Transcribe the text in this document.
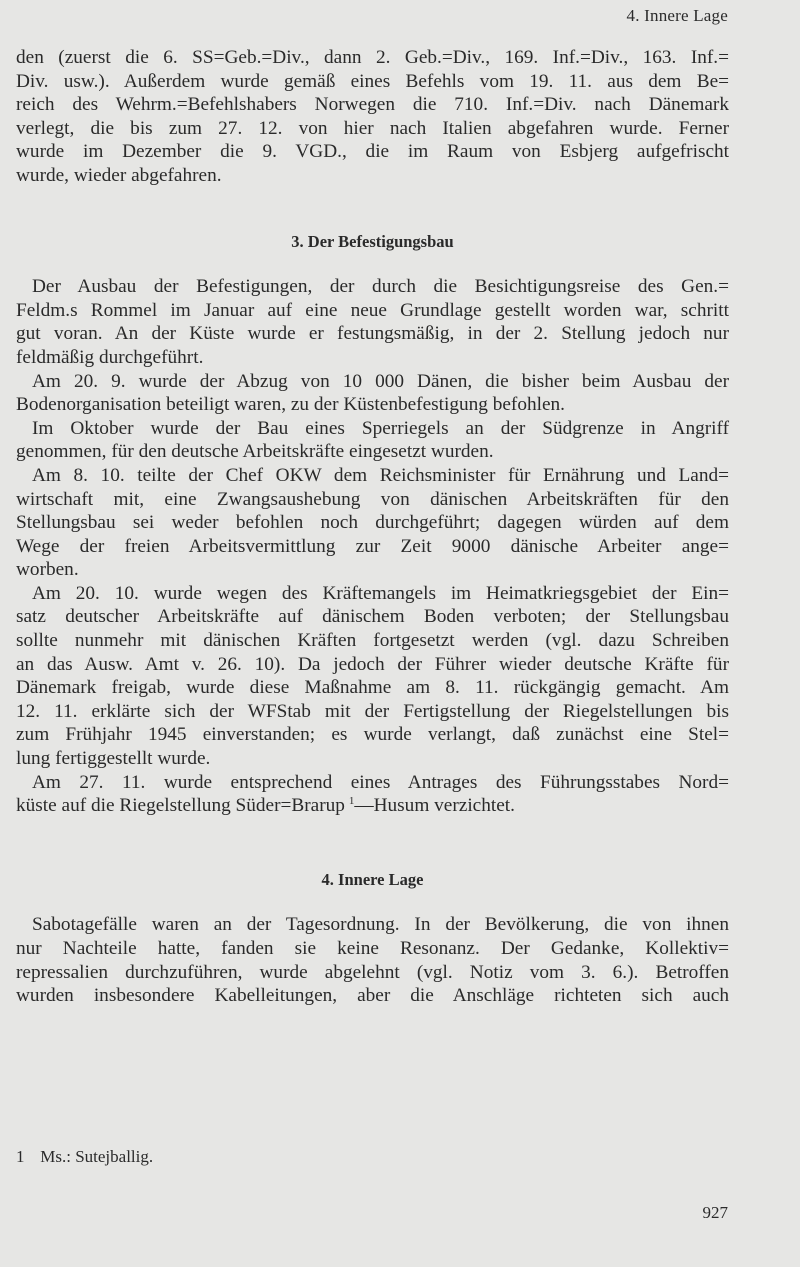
4. Innere Lage
den (zuerst die 6. SS=Geb.=Div., dann 2. Geb.=Div., 169. Inf.=Div., 163. Inf.=
Div. usw.). Außerdem wurde gemäß eines Befehls vom 19. 11. aus dem Be=
reich des Wehrm.=Befehlshabers Norwegen die 710. Inf.=Div. nach Dänemark
verlegt, die bis zum 27. 12. von hier nach Italien abgefahren wurde. Ferner
wurde im Dezember die 9. VGD., die im Raum von Esbjerg aufgefrischt
wurde, wieder abgefahren.
3. Der Befestigungsbau
Der Ausbau der Befestigungen, der durch die Besichtigungsreise des Gen.=
Feldm.s Rommel im Januar auf eine neue Grundlage gestellt worden war, schritt
gut voran. An der Küste wurde er festungsmäßig, in der 2. Stellung jedoch nur
feldmäßig durchgeführt.
Am 20. 9. wurde der Abzug von 10 000 Dänen, die bisher beim Ausbau der
Bodenorganisation beteiligt waren, zu der Küstenbefestigung befohlen.
Im Oktober wurde der Bau eines Sperriegels an der Südgrenze in Angriff
genommen, für den deutsche Arbeitskräfte eingesetzt wurden.
Am 8. 10. teilte der Chef OKW dem Reichsminister für Ernährung und Land=
wirtschaft mit, eine Zwangsaushebung von dänischen Arbeitskräften für den
Stellungsbau sei weder befohlen noch durchgeführt; dagegen würden auf dem
Wege der freien Arbeitsvermittlung zur Zeit 9000 dänische Arbeiter ange=
worben.
Am 20. 10. wurde wegen des Kräftemangels im Heimatkriegsgebiet der Ein=
satz deutscher Arbeitskräfte auf dänischem Boden verboten; der Stellungsbau
sollte nunmehr mit dänischen Kräften fortgesetzt werden (vgl. dazu Schreiben
an das Ausw. Amt v. 26. 10). Da jedoch der Führer wieder deutsche Kräfte für
Dänemark freigab, wurde diese Maßnahme am 8. 11. rückgängig gemacht. Am
12. 11. erklärte sich der WFStab mit der Fertigstellung der Riegelstellungen bis
zum Frühjahr 1945 einverstanden; es wurde verlangt, daß zunächst eine Stel=
lung fertiggestellt wurde.
Am 27. 11. wurde entsprechend eines Antrages des Führungsstabes Nord=
küste auf die Riegelstellung Süder=Brarup  $^1$—Husum verzichtet.
4. Innere Lage
Sabotagefälle waren an der Tagesordnung. In der Bevölkerung, die von ihnen
nur Nachteile hatte, fanden sie keine Resonanz. Der Gedanke, Kollektiv=
repressalien durchzuführen, wurde abgelehnt (vgl. Notiz vom 3. 6.). Betroffen
wurden insbesondere Kabelleitungen, aber die Anschläge richteten sich auch
1 Ms.: Sutejballig.
927
